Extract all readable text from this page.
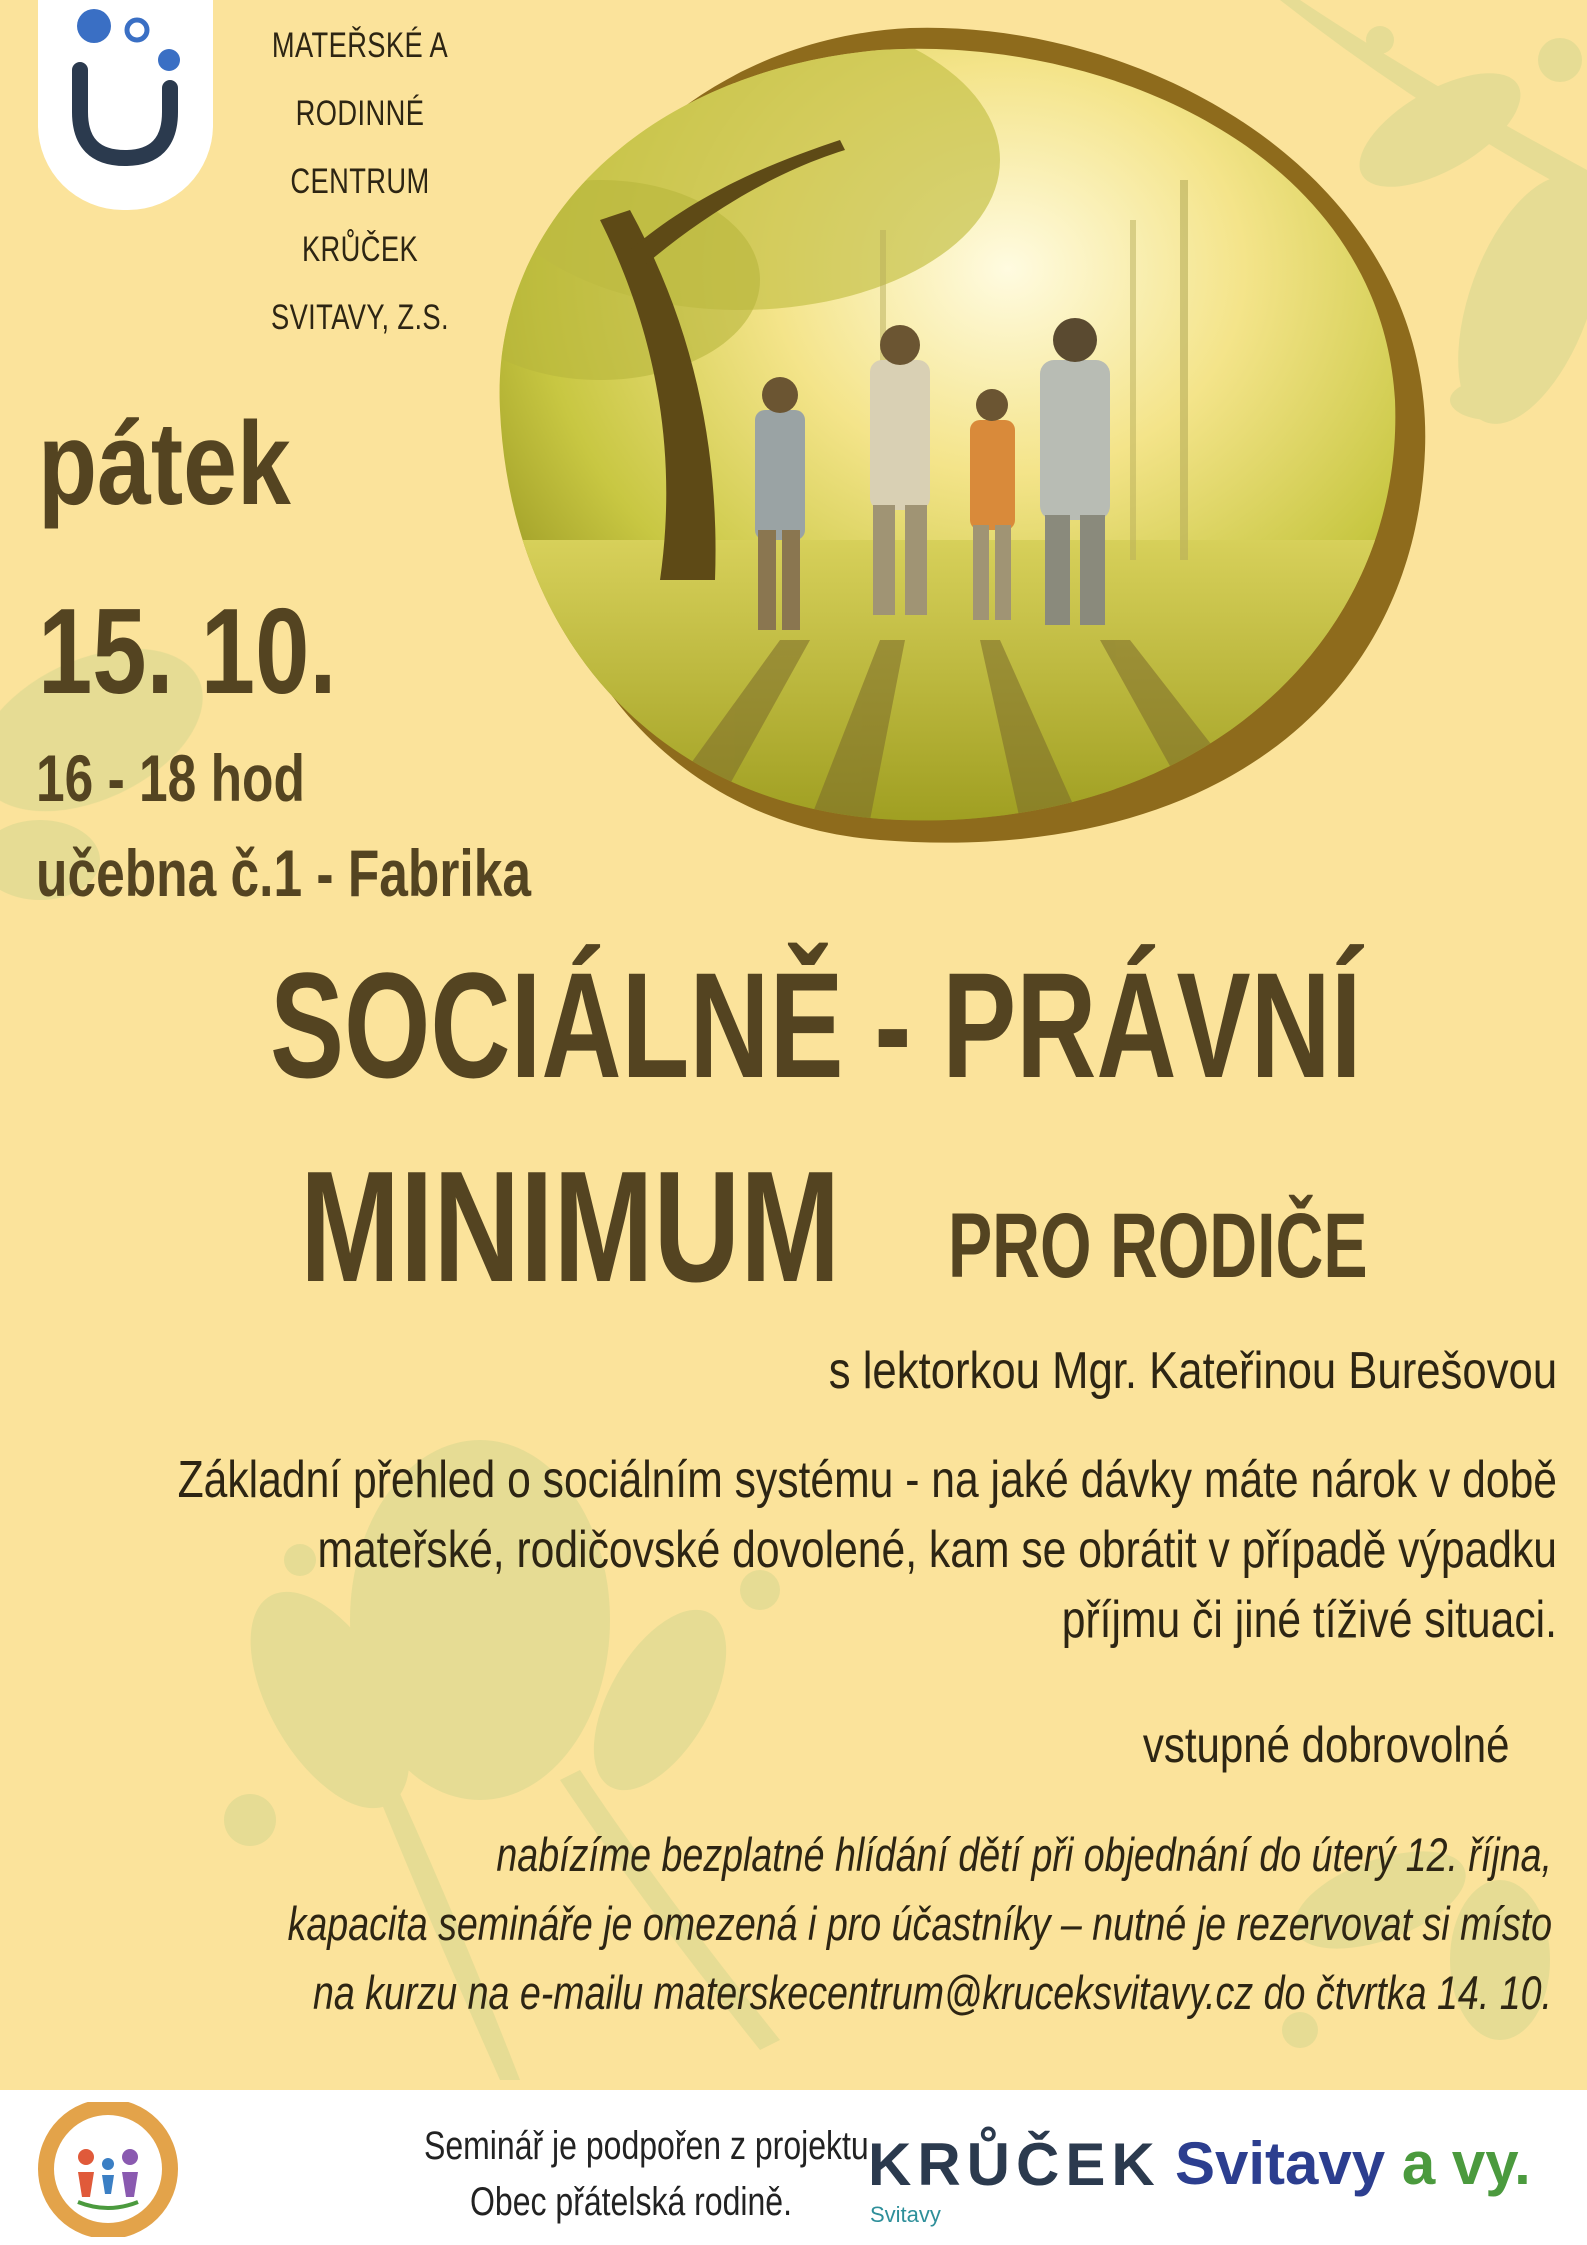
MATEŘSKÉ A
RODINNÉ
CENTRUM
KRŮČEK
SVITAVY, Z.S.
pátek
15. 10.
16 - 18 hod
učebna č.1 - Fabrika
SOCIÁLNĚ - PRÁVNÍ
MINIMUM PRO RODIČE
s lektorkou Mgr. Kateřinou Burešovou
Základní přehled o sociálním systému - na jaké dávky máte nárok v době
mateřské, rodičovské dovolené, kam se obrátit v případě výpadku
příjmu či jiné tíživé situaci.
vstupné dobrovolné
nabízíme bezplatné hlídání dětí při objednání do úterý 12. října,
kapacita semináře je omezená i pro účastníky – nutné je rezervovat si místo
na kurzu na e-mailu materskecentrum@kruceksvitavy.cz do čtvrtka 14. 10.
Seminář je podpořen z projektu
Obec přátelská rodině.
KRŮČEK
Svitavy
Svitavy a vy.
